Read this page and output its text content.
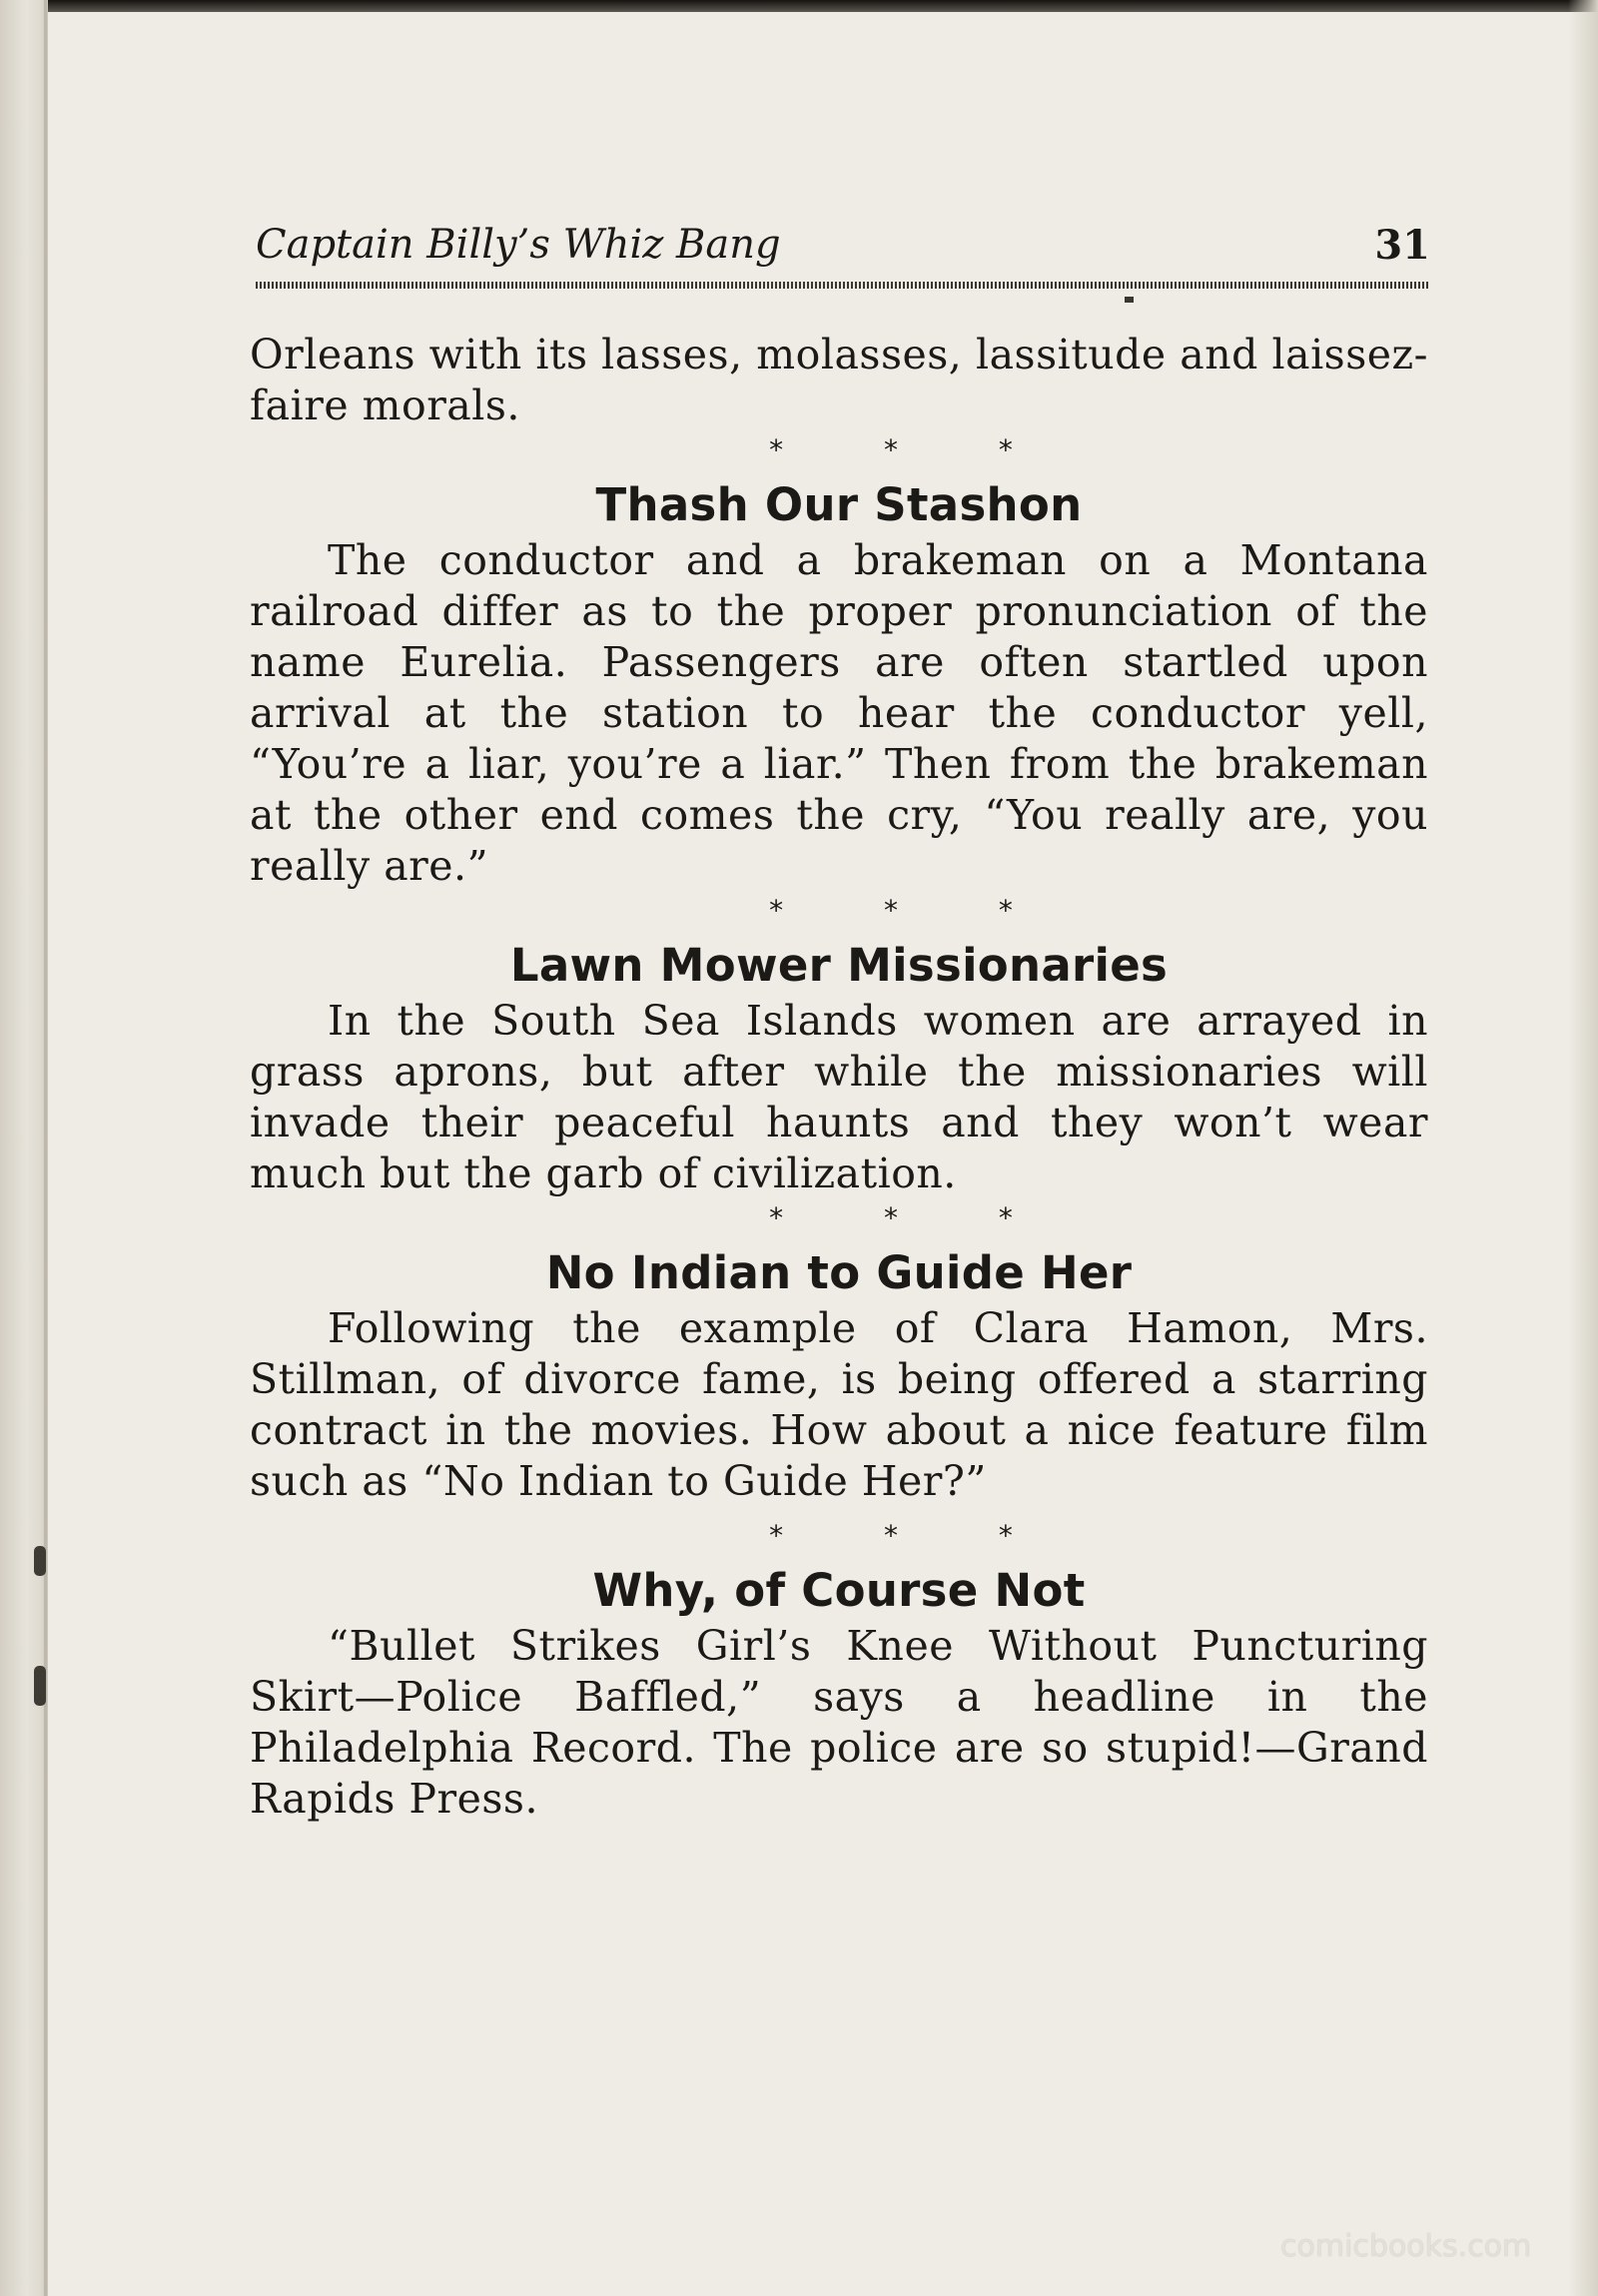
Captain Billy’s Whiz Bang	31

Orleans with its lasses, molasses, lassitude and laissez-faire morals.

* * *
Thash Our Stashon

The conductor and a brakeman on a Montana railroad differ as to the proper pronunciation of the name Eurelia. Passengers are often startled upon arrival at the station to hear the conductor yell, “You’re a liar, you’re a liar.” Then from the brakeman at the other end comes the cry, “You really are, you really are.”

* * *
Lawn Mower Missionaries

In the South Sea Islands women are arrayed in grass aprons, but after while the missionaries will invade their peaceful haunts and they won’t wear much but the garb of civilization.

* * *
No Indian to Guide Her

Following the example of Clara Hamon, Mrs. Stillman, of divorce fame, is being offered a starring contract in the movies. How about a nice feature film such as “No Indian to Guide Her?”

* * *
Why, of Course Not

“Bullet Strikes Girl’s Knee Without Puncturing Skirt—Police Baffled,” says a headline in the Philadelphia Record. The police are so stupid!—Grand Rapids Press.

comicbooks.com
